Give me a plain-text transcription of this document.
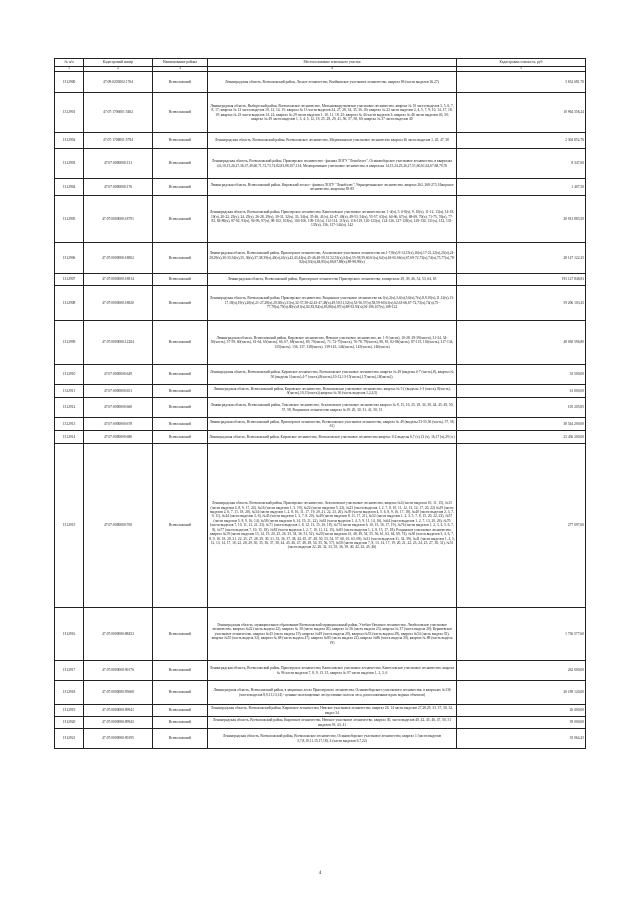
№ п/п	Кадастровый номер	Наименование района	Местоположение земельного участка	Кадастровая стоимость, руб
1	2	3	4	5
1312900	47:09:0203002:1764	Всеволожский	Ленинградская область, Всеволожский район, Лесное лесничество, Воейковское участковое лесничество, квартал 86 (части выделов 26,27)	3 632 681,70
1312901	47:07:1706001:5402	Всеволожский	Ленинградская область, Выборгский район, Всеволожское лесничество, Мельничноручьевское участковое лесничество, квартал № 10 части выделов 3, 5, 6, 7, 8, 17; квартал № 12 части выделов 10, 12, 14, 15; квартал № 13 части выделов 24, 27, 28, 34, 35, 36, 40; квартал № 22 части выделов 2, 4, 5, 7, 9, 10, 14, 17, 18, 19; квартал № 23 части выделов 14, 22; квартал № 29 части выделов 1, 10, 11, 18, 25; квартал № 44 части выделов 3; квартал № 46 части выделов 40, 50; квартал № 49 части выделов 1, 3, 4, 5, 12, 19, 25, 28, 29, 41, 56, 57, 58, 60; квартал № 57 части выделов 40	10 964 356,24
1312902	47:07:1708001:5794	Всеволожский	Ленинградская область, Всеволожский район, Всеволожское лесничество, Медвежинское участковое лесничество квартал 46 части выделов 1, 45, 47, 50	2 304 852,76
1312903	47:07:0000000:131	Всеволожский	Ленинградская область, Всеволожский район, Приозерское лесничество - филиал ЛОГУ "Ленобллес", Осиновоборское участковое лесничество, в кварталах 4,6,10,15,26,27,36,37,49,60,71,72,73,74,82,83,88,107,114; Мелиоративное участковое лесничество, в кварталах 14,15,24,25,26,27,51,60,61,62,67,68,70,76	8 347,60
1312904	47:07:0000000:176	Всеволожский	Ленинградская область, Всеволожский район, Кировский лесхоз - филиал ЛОГУ "Ленобллес", Черноречьинское лесничество, квартал 262, 268-273, Ижорское лесничество, кварталы 83-85	1 407,50
1312905	47:07:0000000:18791	Всеволожский	Ленинградская область, Всеволожский район, Приозерское лесничество, Кавголовское участковое лесничество кв. 1-4(ч), 5, 6-8(ч), 9, 10(ч), 11-12, 13(ч), 14-18, 19(ч), 20-22, 23(ч), 24, 25(ч), 26-28, 29(ч), 30-31, 32(ч), 33, 34(ч), 35-46, 41(ч), 42-47, 48(ч), 49-53, 54(ч), 55-57, 63(ч), 64-66, 67(ч), 68-69, 70(ч), 71-75, 76(ч), 77-83, 84-86(ч), 87-92, 93(ч), 94-96, 97(ч), 98-102, 103(ч), 104-106, 109-111(ч), 112-114, 115(ч), 116-119, 120-123(ч), 124-126, 127-128(ч), 129-130, 131(ч), 132, 133-135(ч), 136, 137-144(ч), 142	20 913 883,50
1312906	47:07:0000000:18802	Всеволожский	Ленинградская область, Всеволожский район, Приозерское лесничество, Агалатовское участковое лесничество кв.1-7,8(ч),9-14,15(ч),16(ч),17-21,22(ч),23(ч),24-28,29(ч),30-33,34(ч),35, 36(ч),37,38,39(ч),40(ч),41(ч),42,43,44(ч),45-46,48-50,51,52,53(ч),54(ч),55-58,59,60,61(ч),62(ч),63-65,66(ч),67,69-72,73(ч),74(ч),75,77(ч),78-82(ч),83(ч),84,85(ч),86,87,88(ч),89-98,99(ч)	28 147 122,25
1312907	47:07:0000000:18814	Всеволожский	Ленинградская область, Всеволожский район, Приозерское лесничество Приозерского лесничества, в кварталах 29, 39, 46, 52, 53, 64, 65	193 127 848,83
1312908	47:07:0000000:18820	Всеволожский	Ленинградская область, Всеволожский район, Приозерское лесничество, Рощинское участковое лесничество кв.1(ч),2(ч),3,4(ч),5,6(ч),7(ч),8,9,10(ч),11,12(ч),13-17,18(ч),19(ч),20(ч),21-27,28(ч),29,30(ч),31(ч),32-37,38-42,43-47,48(ч),49,50,51,52(ч),53-56,57(ч),58,59-60,61(ч),62,63-66,67-72,73(ч),74(ч),75-77,78(ч),79(ч),80(ч),81(ч),82,83,84(ч),85,86(ч),87(ч),88-92,93(ч),94-106,107(ч),108-122	59 206 103,45
1312909	47:07:0000000:12204	Всеволожский	Ленинградская область, Всеволожский район, Кировское лесничество, Невское участковое лесничество, кв. 1-9 (части), 10-28, 29-39(части), 31-34, 34-56(часть), 57-59, 60(часть), 61-64, 65(часть), 66, 67, 68(часть), 69, 70(часть), 71, 72-75(часть), 76-78, 79(часть), 80, 81, 82-86(часть), 87-115, 116(часть), 117-134, 135(часть), 136, 137, 138(часть), 139-143, 144(часть), 145(часть), 146(часть)	48 030 596,80
1312910	47:07:0000000:649	Всеволожский	Ленинградская область, Всеволожский район, Кировское лесничество, Всеволожское участковое лесничество, квартал № 49 (выделы 4-7 (часть),8), квартал № 50 (выделы 1(часть),4-7 (часть),8(часть),10-12,13-15(часть),17(часть),18(часть)).	33 500,00
1312911	47:07:0000000:651	Всеволожский	Ленинградская область, Всеволожский район, Кировское лесничество, Всеволожское участковое лесничество, квартал № 5 ( (выделы 1-3 (часть), 8(часть), 9(часть),10,11(часть)) квартал № 36 (часть выделов 1,2,4,5)	61 000,00
1312912	47:07:0000000:660	Всеволожский	Ленинградская область, Всеволожский район, Токсовское лесничество, Агалатовское участковое лесничество квартал № 8, 15, 16, 25, 29, 34, 39, 44, 45, 49, 50, 57, 58, Рощинское лесничество квартал №19, 20, 30, 31, 41, 50, 51	105 205,85
1312913	47:07:0000000:678	Всеволожский	Ленинградская область, Всеволожский район, Приозерское лесничество, Всеволожское участковое лесничество, квартал № 49 (выделы 53-55,56 (часть), 57, 58, 61)	38 544 200,00
1312914	47:07:0000000:686	Всеволожский	Ленинградская область, Всеволожский район, Кировское лесничество, Всеволожское участковое лесничество квартал 112 выделы 6,7 (ч),13 (ч), 16,17 (ч),29 (ч.)	23 436 200,00
1312915	47:07:0000000:700	Всеволожский	Ленинградская область, Всеволожский район, Приозерское лесничество, Агалатовское участковое лесничество, квартал №4 (части выделов 10, 11, 15), №15 (части выделов 4, 8, 9, 17, 24). №16 (части выделов 1, 5, 19), №22 (части выделов 5, 22), №23 (части выделов 1, 2, 7, 8, 10, 11, 12, 13, 14, 17, 20, 22) №29 (части выделов 2, 6, 7, 11, 18, 20), №34 (части выделов 1, 2, 8, 16, 11, 17, 19, 20, 21, 22, 23, 26), №39 (части выделов 4, 5, 6, 8, 9, 16, 17, 18), №40 (части выделов 2, 3, 7, 9, 11), №44 (части выделов 3, 6), №45 (части выделов 1, 3, 7, 8, 20), №49 (части выделов 8, 11, 17, 21), №52 (части выделов 1, 2, 3, 5, 7, 8, 15, 20, 22, 23), №57 (части выделов 5, 8, 9, 16, 14), №58 (части выделов 6, 14, 19, 21, 22), №63 (части выделов 1, 4, 5, 9, 11, 14, 16), №64 (части выделов 1, 2, 7, 13, 20, 26), №70 (части выделов 7, 10, 11, 21, 21, 23), №71 (части выделов 1, 8, 12, 13, 15, 16, 18), №75 (части выделов 6, 10, 15, 16, 17, 19), №76 (части выделов 1, 2, 3, 4, 5, 6, 7, 8), №77 (части выделов 7, 10, 15, 18), №82 (части выделов 1, 2, 7, 10, 11, 12, 15), №83 (части выделов 1, 2, 8, 15, 17, 18); Рощинское участковое лесничество, квартал №19 (части выделов 13, 14, 15, 20, 25, 26, 33, 34, 36, 51, 52), №20 (части выделов 41, 48, 49, 54, 55, 56, 61, 63, 64, 69, 74), №30 (части выделов 3, 4, 6, 7, 8, 9, 16, 18, 20, 21, 22, 25, 27, 28, 29, 30, 31, 33, 36, 37, 38, 44, 45, 47, 48, 50, 53, 54, 57, 60, 61, 63, 69), №31 (части выделов 31, 32, 39), №41 (части выделов 1, 2, 5, 12, 13, 14, 17, 18, 22, 28, 29, 30, 35, 36, 37, 38, 44, 45, 46, 47, 48, 49, 54, 55, 56, 57), №50 (части выделов 7, 8, 13, 14, 17, 19, 20, 21, 22, 23, 24, 25, 27, 30, 31), №51 (части выделов 22, 28, 32, 33, 35, 36, 39, 40, 42, 43, 45, 46)	277 097,60
1312916	47:07:0000000:88452	Всеволожский	Ленинградская область, муниципальное образование Всеволожский муниципальный район, Учебно-Опытное лесничество, Лемболовское участковое лесничество, квартал №22 (часть выдела 22), квартал № 30 (часть выдела 20), квартал № 36 (часть выдела 23), квартал № 37 (часть выдела 20); Куркиевское участковое лесничество, квартал №43 (часть выдела 19), квартал №49 (часть выдела 20), квартал №53 (часть выдела 29), квартал №54 (часть выдела 35), квартал №55 (часть выдела 32), квартал № 68 (часть выдела 47), квартал №85 (часть выдела 22), квартал №86 (часть выдела 20), квартал № 88 (часть выдела 19)	1 736 577,60
1312917	47:07:0000000:90176	Всеволожский	Ленинградская область, Всеволожский район, Приозерское лесничество, Кавголовское участковое лесничество, Кавголовское участковое лесничество, квартал № 96 части выделов 7, 8, 9, 13, 15, квартал № 97 части выделов 1, 2, 5, 6	262 000,00
1312918	47:07:0000000:95668	Всеволожский	Ленинградская область, Всеволожский район, в защитных лесах Приозерского лесничества, Осиновоборского участкового лесничества, в кварталах №136 (части выделов 8,9,11,13,14) - ценные полезащитные лесоуставные полосы леса, расположенные вдоль водных объектов)	20 189 120,00
1312919	47:07:0000000:89941	Всеволожский	Ленинградская область, Всеволожский район, Кировское лесничество, Невское участковое лесничество, квартал 26. 14 части выделов 27,28,29, 33, 37, 30, 32, выдел 34	26 000,00
1312920	47:07:0000000:89943	Всеволожский	Ленинградская область, Всеволожский район, Кировское лесничество, Невское участковое лесничество, квартал 30, части выделов 40, 42, 45, 46, 47, 50, 51 выделов 39, 43, 41	39 000,00
1312921	47:07:0000000:90195	Всеволожский	Ленинградская область, Всеволожский район, Всеволожское лесничество, Осиновоборское участковое лесничество, квартал 1 (части выделов 3,7,8,10,11,15,17,18), 4 (части выделов 6,7,22)	35 064,25
4
